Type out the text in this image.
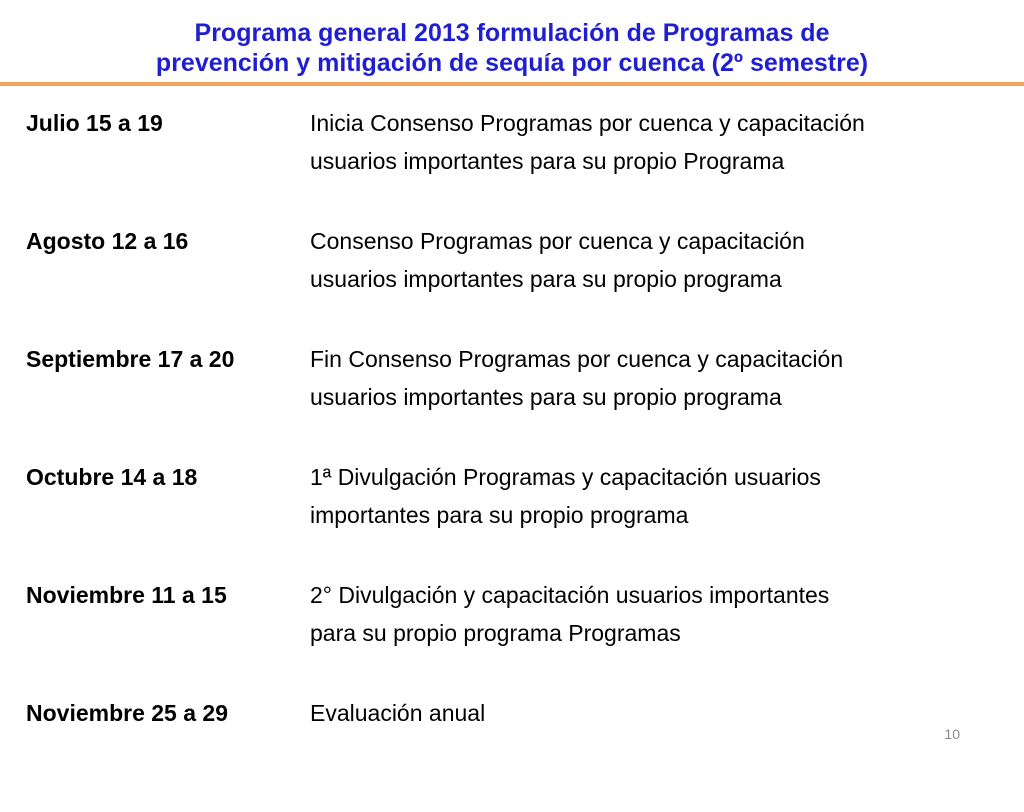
Programa general 2013 formulación de Programas de
prevención y mitigación de sequía por cuenca (2º semestre)
Julio 15 a 19	Inicia Consenso Programas por cuenca y capacitación
usuarios importantes para su propio Programa
Agosto 12 a 16	Consenso Programas por cuenca y capacitación
usuarios importantes para su propio programa
Septiembre 17 a 20	Fin Consenso Programas por cuenca y capacitación
usuarios importantes para su propio programa
Octubre 14 a 18	1ª Divulgación Programas y capacitación usuarios
importantes para su propio programa
Noviembre 11 a 15	2° Divulgación y capacitación usuarios importantes
para su propio programa Programas
Noviembre 25 a 29	Evaluación anual
10
